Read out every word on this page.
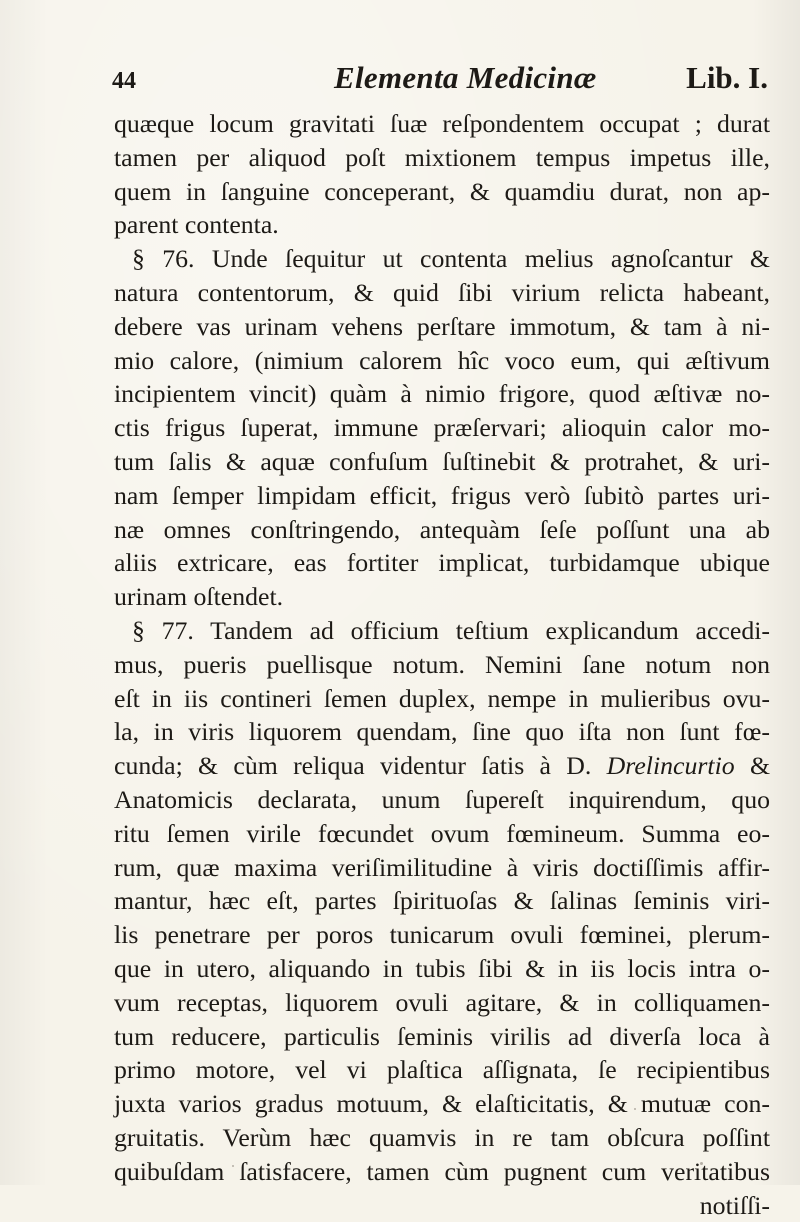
44	Elementa Medicinæ	Lib. I.
quæque locum gravitati ſuæ reſpondentem occupat ; durat
tamen per aliquod poſt mixtionem tempus impetus ille,
quem in ſanguine conceperant, & quamdiu durat, non ap-
parent contenta.
§ 76. Unde ſequitur ut contenta melius agnoſcantur &
natura contentorum, & quid ſibi virium relicta habeant,
debere vas urinam vehens perſtare immotum, & tam à ni-
mio calore, (nimium calorem hîc voco eum, qui æſtivum
incipientem vincit) quàm à nimio frigore, quod æſtivæ no-
ctis frigus ſuperat, immune præſervari; alioquin calor mo-
tum ſalis & aquæ confuſum ſuſtinebit & protrahet, & uri-
nam ſemper limpidam efficit, frigus verò ſubitò partes uri-
næ omnes conſtringendo, antequàm ſeſe poſſunt una ab
aliis extricare, eas fortiter implicat, turbidamque ubique
urinam oſtendet.
§ 77. Tandem ad officium teſtium explicandum accedi-
mus, pueris puellisque notum. Nemini ſane notum non
eſt in iis contineri ſemen duplex, nempe in mulieribus ovu-
la, in viris liquorem quendam, ſine quo iſta non ſunt fœ-
cunda; & cùm reliqua videntur ſatis à D. Drelincurtio &
Anatomicis declarata, unum ſupereſt inquirendum, quo
ritu ſemen virile fœcundet ovum fœmineum. Summa eo-
rum, quæ maxima veriſimilitudine à viris doctiſſimis affir-
mantur, hæc eſt, partes ſpirituoſas & ſalinas ſeminis viri-
lis penetrare per poros tunicarum ovuli fœminei, plerum-
que in utero, aliquando in tubis ſibi & in iis locis intra o-
vum receptas, liquorem ovuli agitare, & in colliquamen-
tum reducere, particulis ſeminis virilis ad diverſa loca à
primo motore, vel vi plaſtica aſſignata, ſe recipientibus
juxta varios gradus motuum, & elaſticitatis, & mutuæ con-
gruitatis. Verùm hæc quamvis in re tam obſcura poſſint
quibuſdam ſatisfacere, tamen cùm pugnent cum veritatibus
notiſſi-
